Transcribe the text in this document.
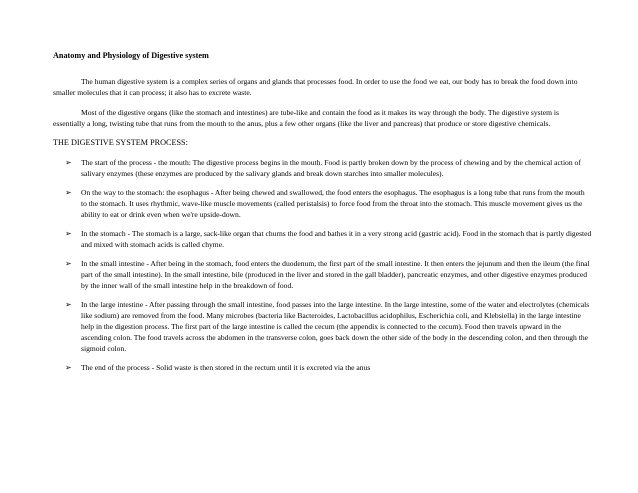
Anatomy and Physiology of Digestive system

The human digestive system is a complex series of organs and glands that processes food. In order to use the food we eat, our body has to break the food down into smaller molecules that it can process; it also has to excrete waste.

Most of the digestive organs (like the stomach and intestines) are tube-like and contain the food as it makes its way through the body. The digestive system is essentially a long, twisting tube that runs from the mouth to the anus, plus a few other organs (like the liver and pancreas) that produce or store digestive chemicals.

THE DIGESTIVE SYSTEM PROCESS:
➢ The start of the process - the mouth: The digestive process begins in the mouth. Food is partly broken down by the process of chewing and by the chemical action of salivary enzymes (these enzymes are produced by the salivary glands and break down starches into smaller molecules).
➢ On the way to the stomach: the esophagus - After being chewed and swallowed, the food enters the esophagus. The esophagus is a long tube that runs from the mouth to the stomach. It uses rhythmic, wave-like muscle movements (called peristalsis) to force food from the throat into the stomach. This muscle movement gives us the ability to eat or drink even when we're upside-down.
➢ In the stomach - The stomach is a large, sack-like organ that churns the food and bathes it in a very strong acid (gastric acid). Food in the stomach that is partly digested and mixed with stomach acids is called chyme.
➢ In the small intestine - After being in the stomach, food enters the duodenum, the first part of the small intestine. It then enters the jejunum and then the ileum (the final part of the small intestine). In the small intestine, bile (produced in the liver and stored in the gall bladder), pancreatic enzymes, and other digestive enzymes produced by the inner wall of the small intestine help in the breakdown of food.
➢ In the large intestine - After passing through the small intestine, food passes into the large intestine. In the large intestine, some of the water and electrolytes (chemicals like sodium) are removed from the food. Many microbes (bacteria like Bacteroides, Lactobacillus acidophilus, Escherichia coli, and Klebsiella) in the large intestine help in the digestion process. The first part of the large intestine is called the cecum (the appendix is connected to the cecum). Food then travels upward in the ascending colon. The food travels across the abdomen in the transverse colon, goes back down the other side of the body in the descending colon, and then through the sigmoid colon.
➢ The end of the process - Solid waste is then stored in the rectum until it is excreted via the anus
